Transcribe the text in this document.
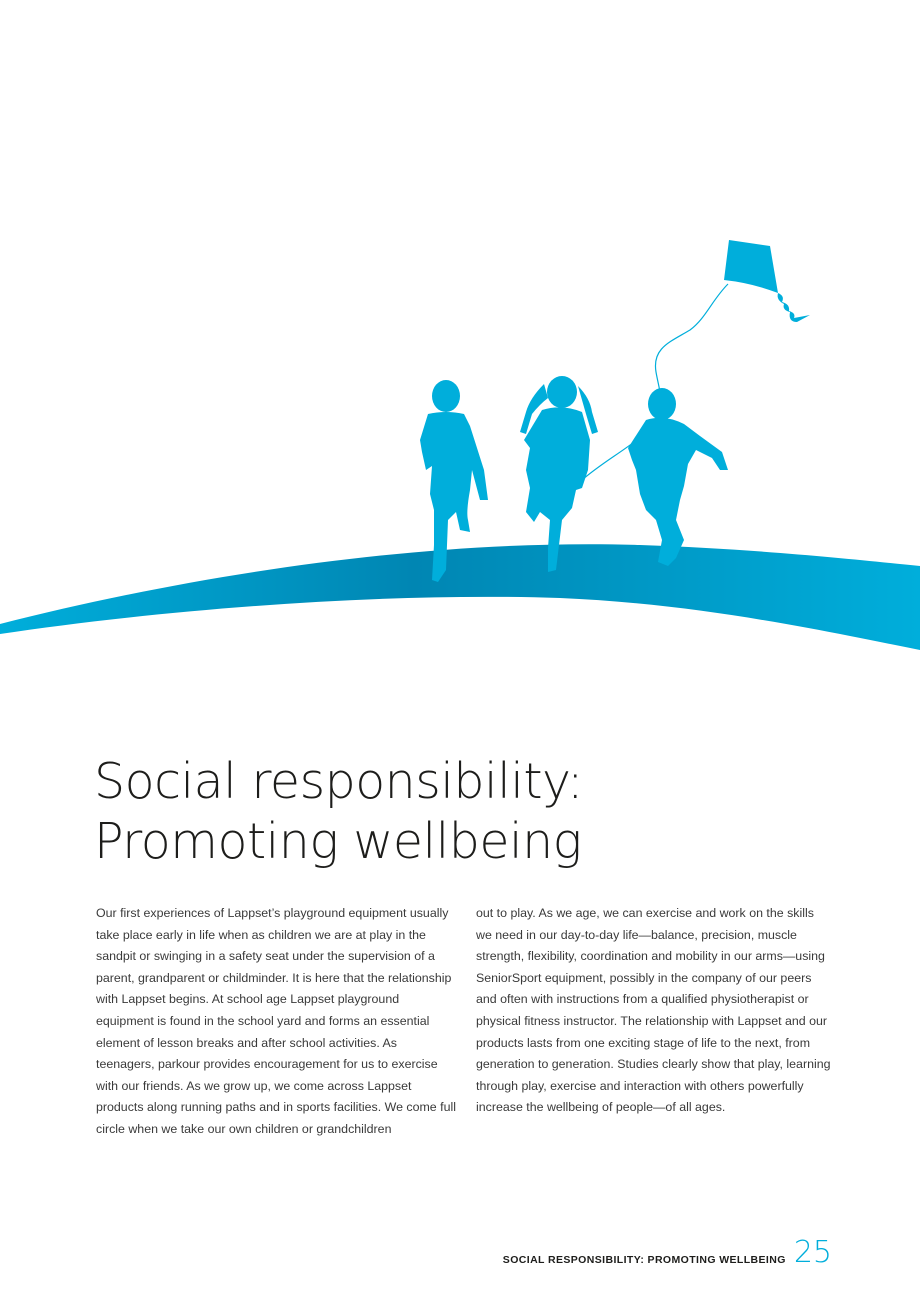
Social responsibility:
Promoting wellbeing

Our first experiences of Lappset’s playground equipment usually take place early in life when as children we are at play in the sandpit or swinging in a safety seat under the supervision of a parent, grandparent or childminder. It is here that the relationship with Lappset begins. At school age Lappset playground equipment is found in the school yard and forms an essential element of lesson breaks and after school activities. As teenagers, parkour provides encouragement for us to exercise with our friends. As we grow up, we come across Lappset products along running paths and in sports facilities. We come full circle when we take our own children or grandchildren

out to play. As we age, we can exercise and work on the skills we need in our day-to-day life—balance, precision, muscle strength, flexibility, coordination and mobility in our arms—using SeniorSport equipment, possibly in the company of our peers and often with instructions from a qualified physiotherapist or physical fitness instructor. The relationship with Lappset and our products lasts from one exciting stage of life to the next, from generation to generation. Studies clearly show that play, learning through play, exercise and interaction with others powerfully increase the wellbeing of people—of all ages.

SOCIAL RESPONSIBILITY: PROMOTING WELLBEING 25
